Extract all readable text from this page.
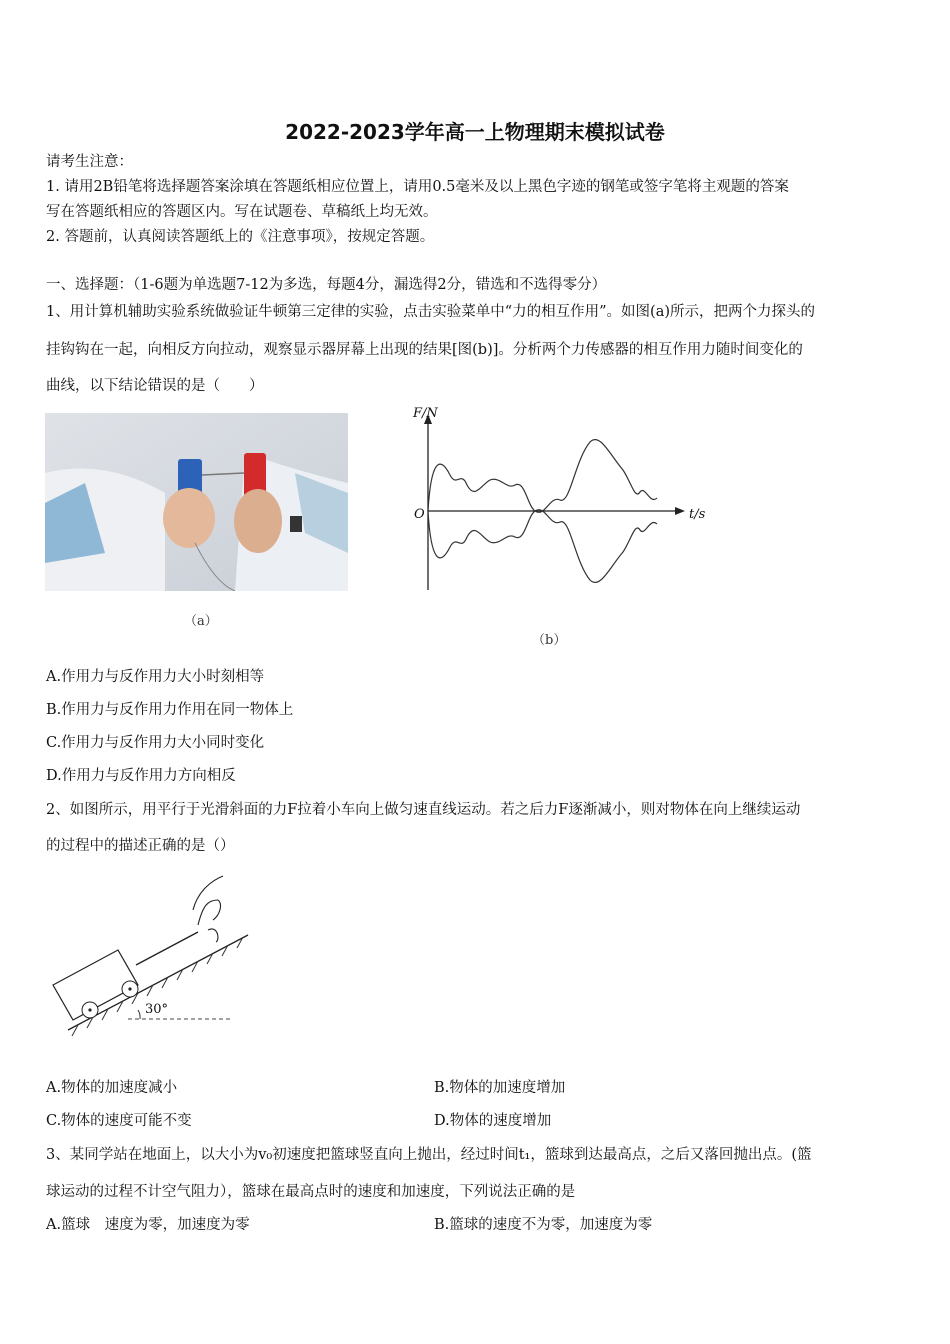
2022-2023学年高一上物理期末模拟试卷
请考生注意：
1. 请用2B铅笔将选择题答案涂填在答题纸相应位置上，请用0.5毫米及以上黑色字迹的钢笔或签字笔将主观题的答案
写在答题纸相应的答题区内。写在试题卷、草稿纸上均无效。
2. 答题前，认真阅读答题纸上的《注意事项》，按规定答题。
一、选择题：（1-6题为单选题7-12为多选，每题4分，漏选得2分，错选和不选得零分）
1、用计算机辅助实验系统做验证牛顿第三定律的实验，点击实验菜单中“力的相互作用”。如图(a)所示，把两个力探头的
挂钩钩在一起，向相反方向拉动，观察显示器屏幕上出现的结果[图(b)]。分析两个力传感器的相互作用力随时间变化的
曲线，以下结论错误的是（　　）
（a）
F/N
t/s
O
（b）
A.作用力与反作用力大小时刻相等
B.作用力与反作用力作用在同一物体上
C.作用力与反作用力大小同时变化
D.作用力与反作用力方向相反
2、如图所示，用平行于光滑斜面的力F拉着小车向上做匀速直线运动。若之后力F逐渐减小，则对物体在向上继续运动
的过程中的描述正确的是（）
30°
A.物体的加速度减小	B.物体的加速度增加
C.物体的速度可能不变	D.物体的速度增加
3、某同学站在地面上，以大小为v₀初速度把篮球竖直向上抛出，经过时间t₁，篮球到达最高点，之后又落回抛出点。(篮
球运动的过程不计空气阻力），篮球在最高点时的速度和加速度，下列说法正确的是
A.篮球　速度为零，加速度为零	B.篮球的速度不为零，加速度为零
